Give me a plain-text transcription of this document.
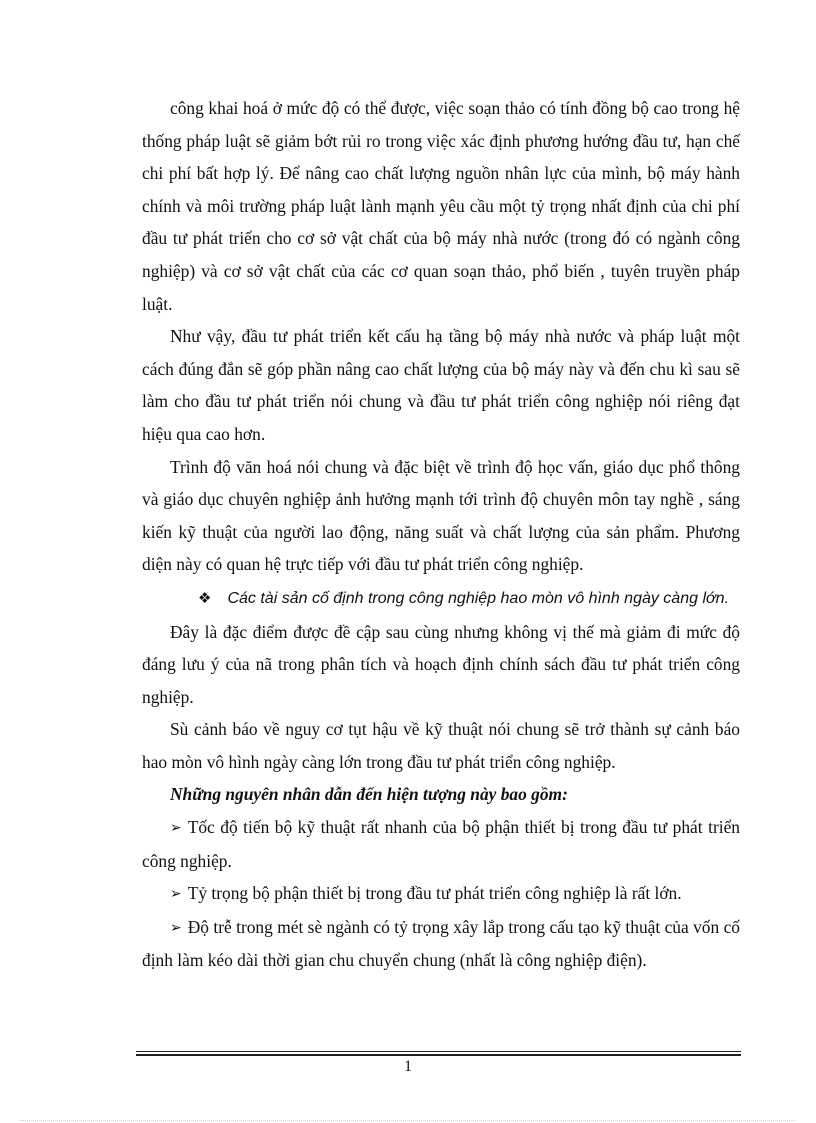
công khai hoá ở mức độ có thể được, việc soạn thảo có tính đồng bộ cao trong hệ thống pháp luật sẽ giảm bớt rủi ro trong việc xác định phương hướng đầu tư, hạn chế chi phí bất hợp lý. Để nâng cao chất lượng nguồn nhân lực của mình, bộ máy hành chính và môi trường pháp luật lành mạnh yêu cầu một tỷ trọng nhất định của chi phí đầu tư phát triển cho cơ sở vật chất của bộ máy nhà nước (trong đó có ngành công nghiệp) và cơ sở vật chất của các cơ quan soạn thảo, phổ biến , tuyên truyền pháp luật.

Như vậy, đầu tư phát triển kết cấu hạ tầng bộ máy nhà nước và pháp luật một cách đúng đắn sẽ góp phần nâng cao chất lượng của bộ máy này và đến chu kì sau sẽ làm cho đầu tư phát triển nói chung và đầu tư phát triển công nghiệp nói riêng đạt hiệu qua cao hơn.

Trình độ văn hoá nói chung và đặc biệt về trình độ học vấn, giáo dục phổ thông và giáo dục chuyên nghiệp ảnh hưởng mạnh tới trình độ chuyên môn tay nghề , sáng kiến kỹ thuật của người lao động, năng suất và chất lượng của sản phẩm. Phương diện này có quan hệ trực tiếp với đầu tư phát triển công nghiệp.

❖ Các tài sản cố định trong công nghiệp hao mòn vô hình ngày càng lớn.

Đây là đặc điểm được đề cập sau cùng nhưng không vị thế mà giảm đi mức độ đáng lưu ý của nã trong phân tích và hoạch định chính sách đầu tư phát triển công nghiệp.

Sù cảnh báo về nguy cơ tụt hậu về kỹ thuật nói chung sẽ trở thành sự cảnh báo hao mòn vô hình ngày càng lớn trong đầu tư phát triển công nghiệp.

Những nguyên nhân dẫn đến hiện tượng này bao gồm:

➢ Tốc độ tiến bộ kỹ thuật rất nhanh của bộ phận thiết bị trong đầu tư phát triển công nghiệp.

➢ Tỷ trọng bộ phận thiết bị trong đầu tư phát triển công nghiệp là rất lớn.

➢ Độ trễ trong mét sè ngành có tỷ trọng xây lắp trong cấu tạo kỹ thuật của vốn cố định làm kéo dài thời gian chu chuyển chung (nhất là công nghiệp điện).

1
